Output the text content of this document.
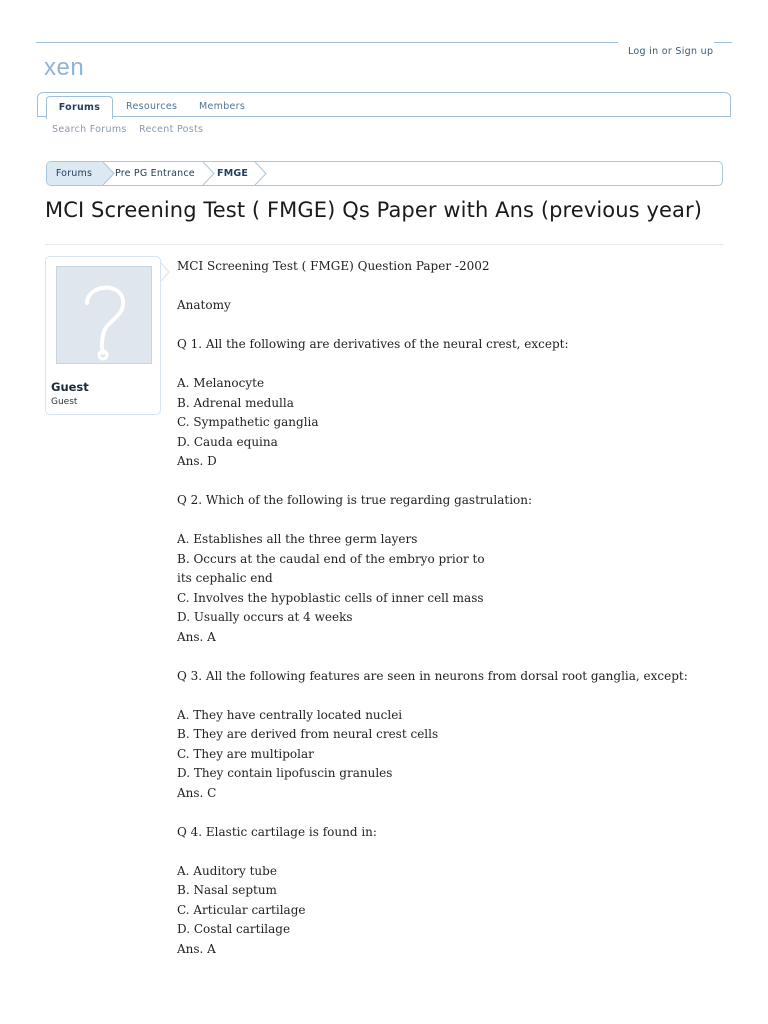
Log in or Sign up
xen
Forums	Resources Members
Search Forums Recent Posts
Forums	Pre PG Entrance FMGE
MCI Screening Test ( FMGE) Qs Paper with Ans (previous year)
Guest
Guest
MCI Screening Test ( FMGE) Question Paper -2002
Anatomy
Q 1. All the following are derivatives of the neural crest, except:
A. Melanocyte
B. Adrenal medulla
C. Sympathetic ganglia
D. Cauda equina
Ans. D
Q 2. Which of the following is true regarding gastrulation:
A. Establishes all the three germ layers
B. Occurs at the caudal end of the embryo prior to
its cephalic end
C. Involves the hypoblastic cells of inner cell mass
D. Usually occurs at 4 weeks
Ans. A
Q 3. All the following features are seen in neurons from dorsal root ganglia, except:
A. They have centrally located nuclei
B. They are derived from neural crest cells
C. They are multipolar
D. They contain lipofuscin granules
Ans. C
Q 4. Elastic cartilage is found in:
A. Auditory tube
B. Nasal septum
C. Articular cartilage
D. Costal cartilage
Ans. A
